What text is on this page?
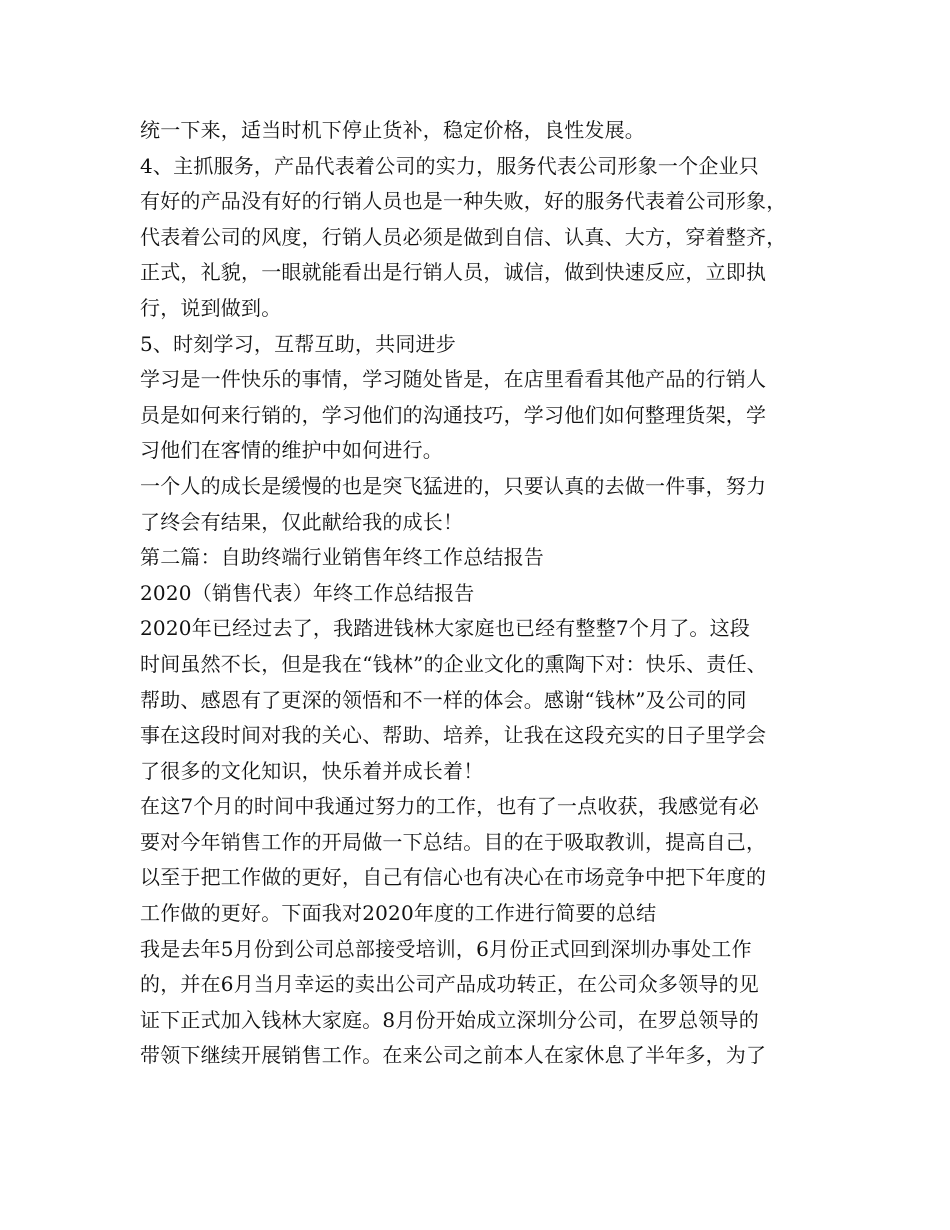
统一下来，适当时机下停止货补，稳定价格，良性发展。
4、主抓服务，产品代表着公司的实力，服务代表公司形象一个企业只
有好的产品没有好的行销人员也是一种失败，好的服务代表着公司形象，
代表着公司的风度，行销人员必须是做到自信、认真、大方，穿着整齐，
正式，礼貌，一眼就能看出是行销人员，诚信，做到快速反应，立即执
行，说到做到。
5、时刻学习，互帮互助，共同进步
学习是一件快乐的事情，学习随处皆是，在店里看看其他产品的行销人
员是如何来行销的，学习他们的沟通技巧，学习他们如何整理货架，学
习他们在客情的维护中如何进行。
一个人的成长是缓慢的也是突飞猛进的，只要认真的去做一件事，努力
了终会有结果，仅此献给我的成长！
第二篇：自助终端行业销售年终工作总结报告
2020（销售代表）年终工作总结报告
2020年已经过去了，我踏进钱林大家庭也已经有整整7个月了。这段
时间虽然不长，但是我在“钱林”的企业文化的熏陶下对：快乐、责任、
帮助、感恩有了更深的领悟和不一样的体会。感谢“钱林”及公司的同
事在这段时间对我的关心、帮助、培养，让我在这段充实的日子里学会
了很多的文化知识，快乐着并成长着！
在这7个月的时间中我通过努力的工作，也有了一点收获，我感觉有必
要对今年销售工作的开局做一下总结。目的在于吸取教训，提高自己，
以至于把工作做的更好，自己有信心也有决心在市场竞争中把下年度的
工作做的更好。下面我对2020年度的工作进行简要的总结
我是去年5月份到公司总部接受培训，6月份正式回到深圳办事处工作
的，并在6月当月幸运的卖出公司产品成功转正，在公司众多领导的见
证下正式加入钱林大家庭。8月份开始成立深圳分公司，在罗总领导的
带领下继续开展销售工作。在来公司之前本人在家休息了半年多，为了
